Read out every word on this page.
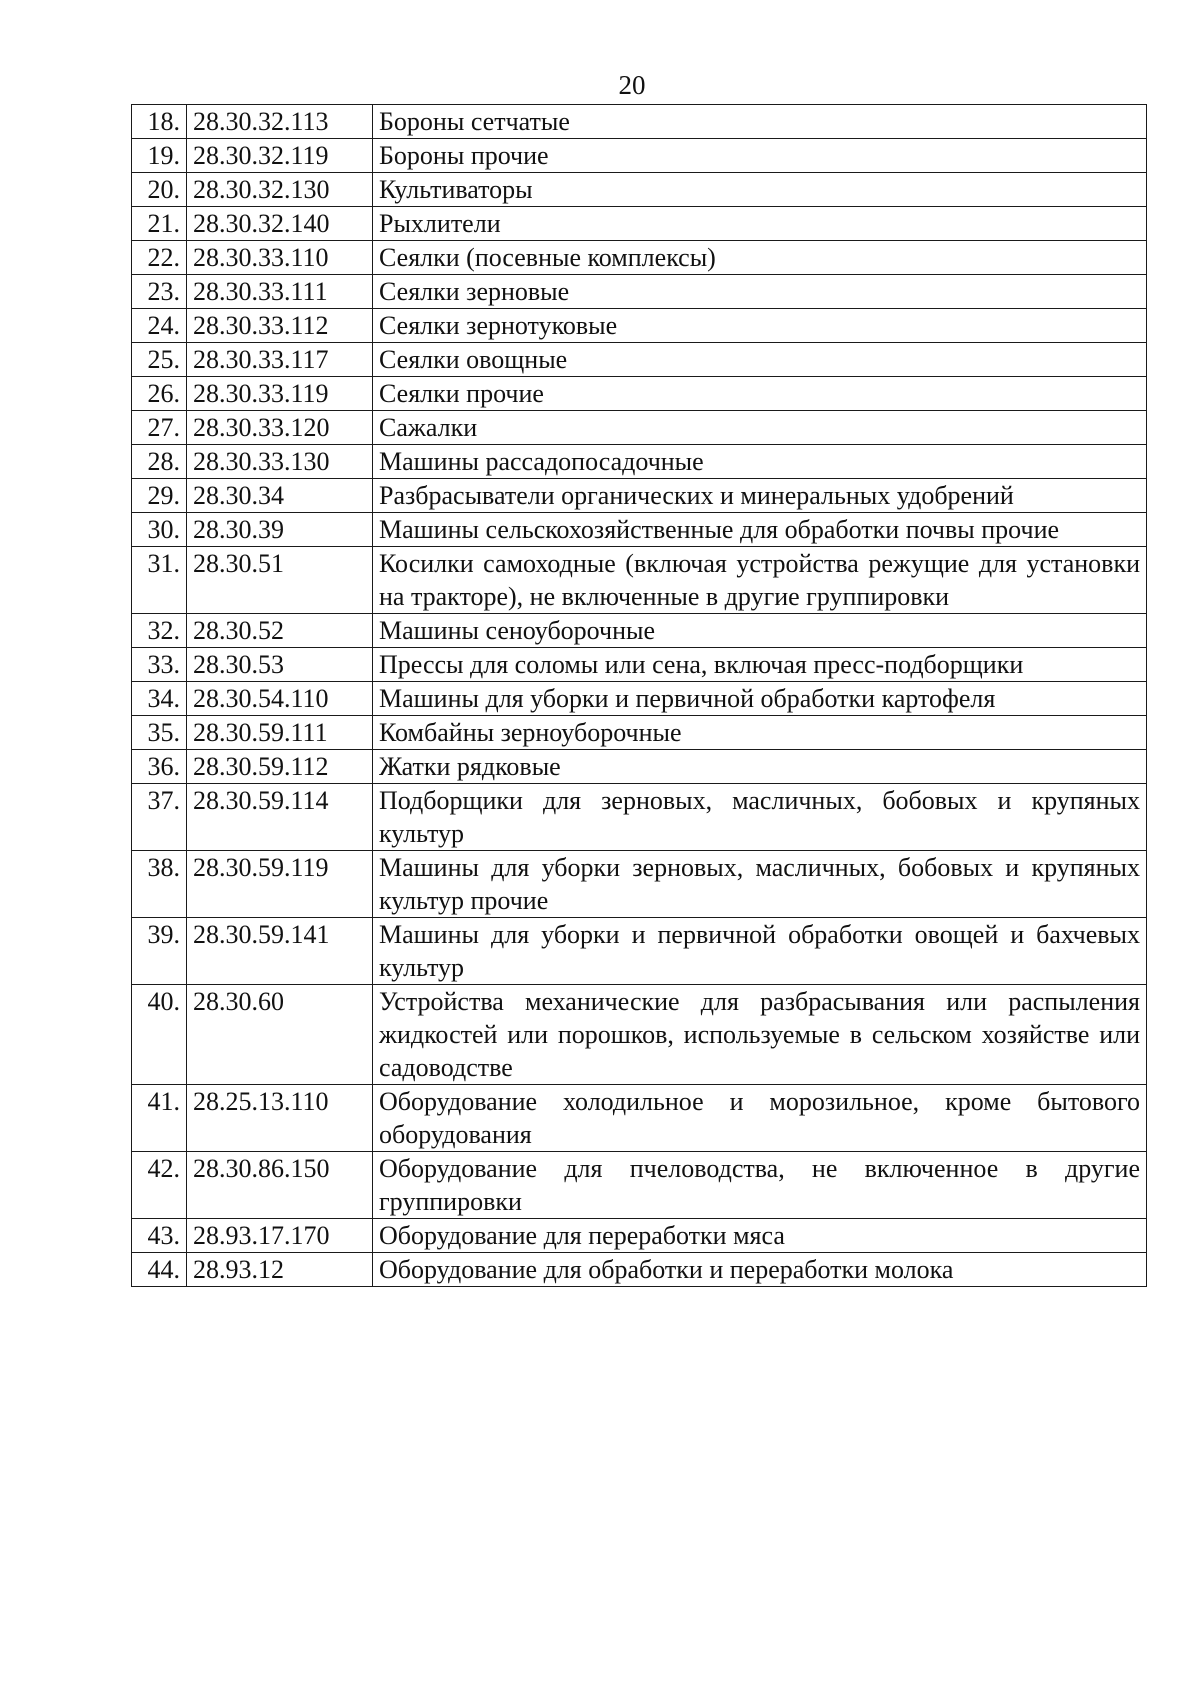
20
18.	28.30.32.113	Бороны сетчатые
19.	28.30.32.119	Бороны прочие
20.	28.30.32.130	Культиваторы
21.	28.30.32.140	Рыхлители
22.	28.30.33.110	Сеялки (посевные комплексы)
23.	28.30.33.111	Сеялки зерновые
24.	28.30.33.112	Сеялки зернотуковые
25.	28.30.33.117	Сеялки овощные
26.	28.30.33.119	Сеялки прочие
27.	28.30.33.120	Сажалки
28.	28.30.33.130	Машины рассадопосадочные
29.	28.30.34	Разбрасыватели органических и минеральных удобрений
30.	28.30.39	Машины сельскохозяйственные для обработки почвы прочие
31.	28.30.51	Косилки самоходные (включая устройства режущие для установки на тракторе), не включенные в другие группировки
32.	28.30.52	Машины сеноуборочные
33.	28.30.53	Прессы для соломы или сена, включая пресс-подборщики
34.	28.30.54.110	Машины для уборки и первичной обработки картофеля
35.	28.30.59.111	Комбайны зерноуборочные
36.	28.30.59.112	Жатки рядковые
37.	28.30.59.114	Подборщики для зерновых, масличных, бобовых и крупяных культур
38.	28.30.59.119	Машины для уборки зерновых, масличных, бобовых и крупяных культур прочие
39.	28.30.59.141	Машины для уборки и первичной обработки овощей и бахчевых культур
40.	28.30.60	Устройства механические для разбрасывания или распыления жидкостей или порошков, используемые в сельском хозяйстве или садоводстве
41.	28.25.13.110	Оборудование холодильное и морозильное, кроме бытового оборудования
42.	28.30.86.150	Оборудование для пчеловодства, не включенное в другие группировки
43.	28.93.17.170	Оборудование для переработки мяса
44.	28.93.12	Оборудование для обработки и переработки молока
